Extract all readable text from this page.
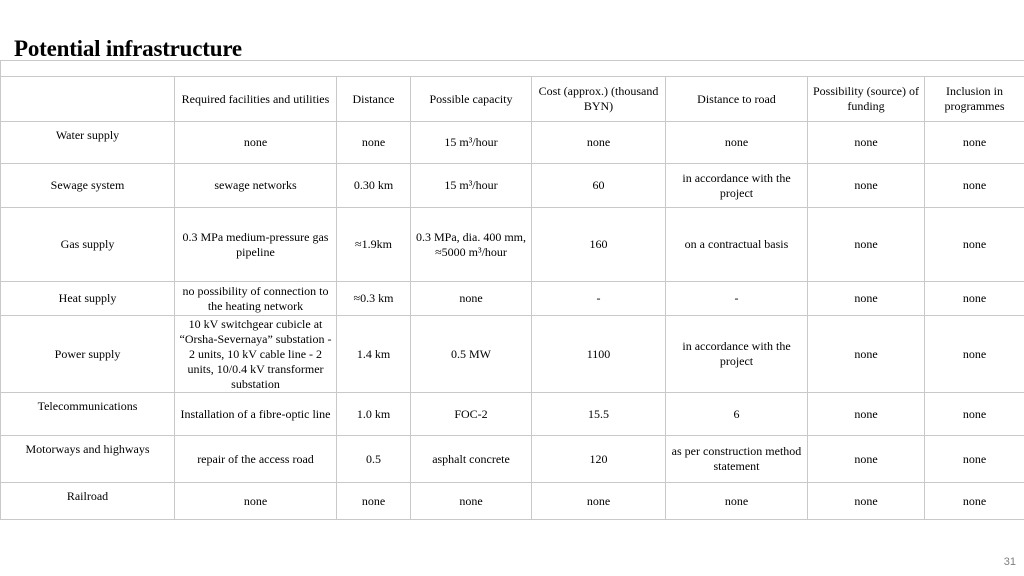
Potential infrastructure

	Required facilities and utilities	Distance	Possible capacity	Cost (approx.) (thousand BYN)	Distance to road	Possibility (source) of funding	Inclusion in programmes
Water supply	none	none	15 m³/hour	none	none	none	none
Sewage system	sewage networks	0.30 km	15 m³/hour	60	in accordance with the project	none	none
Gas supply	0.3 MPa medium-pressure gas pipeline	≈1.9km	0.3 MPa, dia. 400 mm, ≈5000 m³/hour	160	on a contractual basis	none	none
Heat supply	no possibility of connection to the heating network	≈0.3 km	none	-	-	none	none
Power supply	10 kV switchgear cubicle at “Orsha-Severnaya” substation - 2 units, 10 kV cable line - 2 units, 10/0.4 kV transformer substation	1.4 km	0.5 MW	1100	in accordance with the project	none	none
Telecommunications	Installation of a fibre-optic line	1.0 km	FOC-2	15.5	6	none	none
Motorways and highways	repair of the access road	0.5	asphalt concrete	120	as per construction method statement	none	none
Railroad	none	none	none	none	none	none	none
31
